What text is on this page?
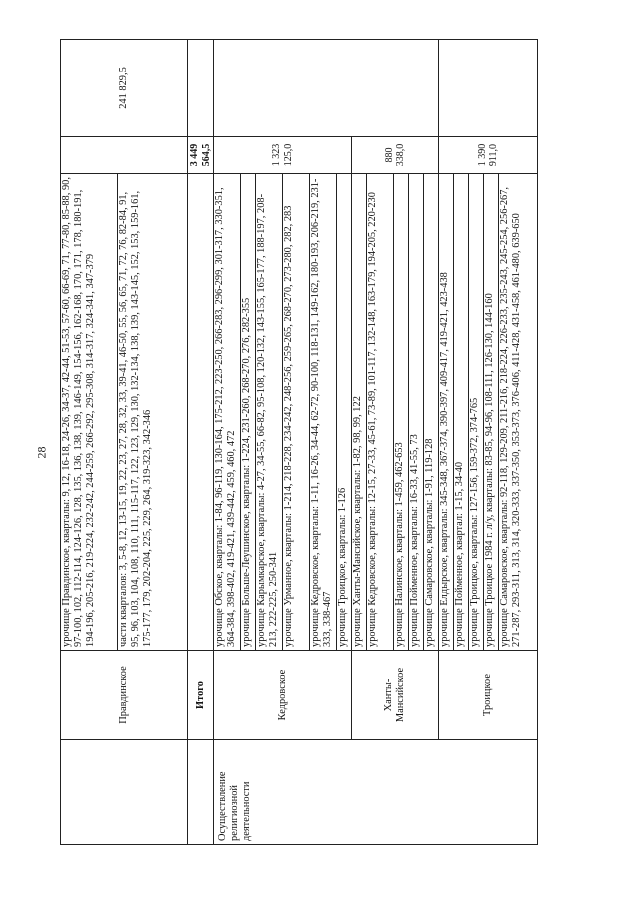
28
	Правдинское	урочище Правдинское, кварталы: 9, 12, 16-18, 24-26, 34-37, 42-44, 51-53, 57-60, 66-69, 71, 77-80, 85-88, 90, 97-100, 102, 112-114, 124-126, 128, 135, 136, 138, 139, 146-149, 154-156, 162-168, 170, 171, 178, 180-191, 194-196, 205-216, 219-224, 232-242, 244-259, 266-292, 295-308, 314-317, 324-341, 347-379		241 829,5
		части кварталов: 3, 5-8, 12, 13-15, 19, 22, 23, 27, 28, 32, 33, 39-41, 46-50, 55, 56, 65, 71, 72, 76, 82-84, 91, 95, 96, 103, 104, 108, 110, 111, 115-117, 122, 123, 129, 130, 132-134, 138, 139, 143-145, 152, 153, 159-161, 175-177, 179, 202-204, 225, 229, 264, 319-323, 342-346		
	Итого		3 449 564,5	
Осуществление религиозной деятельности	Кедровское	урочище Обское, кварталы: 1-84, 96-119, 130-164, 175-212, 223-250, 266-283, 296-299, 301-317, 330-351, 364-384, 398-402, 419-421, 439-442, 459, 460, 472	1 323 125,0	
		урочище Больше-Леушинское, кварталы: 1-224, 231-260, 268-270, 276, 282-355		
		урочище Карымкарское, кварталы: 4-27, 34-55, 66-82, 95-108, 120-132, 143-155, 165-177, 188-197, 208-213, 222-225, 250-341		
		урочище Урманное, кварталы: 1-214, 218-228, 234-242, 248-256, 259-265, 268-270, 273-280, 282, 283		
		урочище Кедровское, кварталы: 1-11, 16-26, 34-44, 62-72, 90-100, 118-131, 149-162, 180-193, 206-219, 231-333, 338-467		
		урочище Троицкое, кварталы: 1-126		
	Ханты-Мансийское	урочище Ханты-Мансийское, кварталы: 1-82, 98, 99, 122	880 338,0	
		урочище Кедровское, кварталы: 12-15, 27-33, 45-61, 73-89, 101-117, 132-148, 163-179, 194-205, 220-230		
		урочище Налинское, кварталы: 1-459, 462-653		
		урочище Пойменное, кварталы: 16-33, 41-55, 73		
		урочище Самаровское, кварталы: 1-91, 119-128		
	Троицкое	урочище Елдырское, кварталы: 345-348, 367-374, 390-397, 409-417, 419-421, 423-438	1 390 911,0	
		урочище Пойменное, квартал: 1-15, 34-40		
		урочище Троицкое, кварталы: 127-156, 159-372, 374-765		
		урочище Троицкое 1984 г. л/у, кварталы: 83-85, 94-96, 108-111, 126-130, 144-160		
		урочище Самаровское, кварталы: 92-118, 129-209, 211-216, 218-224, 226-233, 235-243, 245-254, 256-267, 271-287, 293-311, 313, 314, 320-333, 337-350, 353-373, 376-406, 411-428, 431-458, 461-480, 639-650		
